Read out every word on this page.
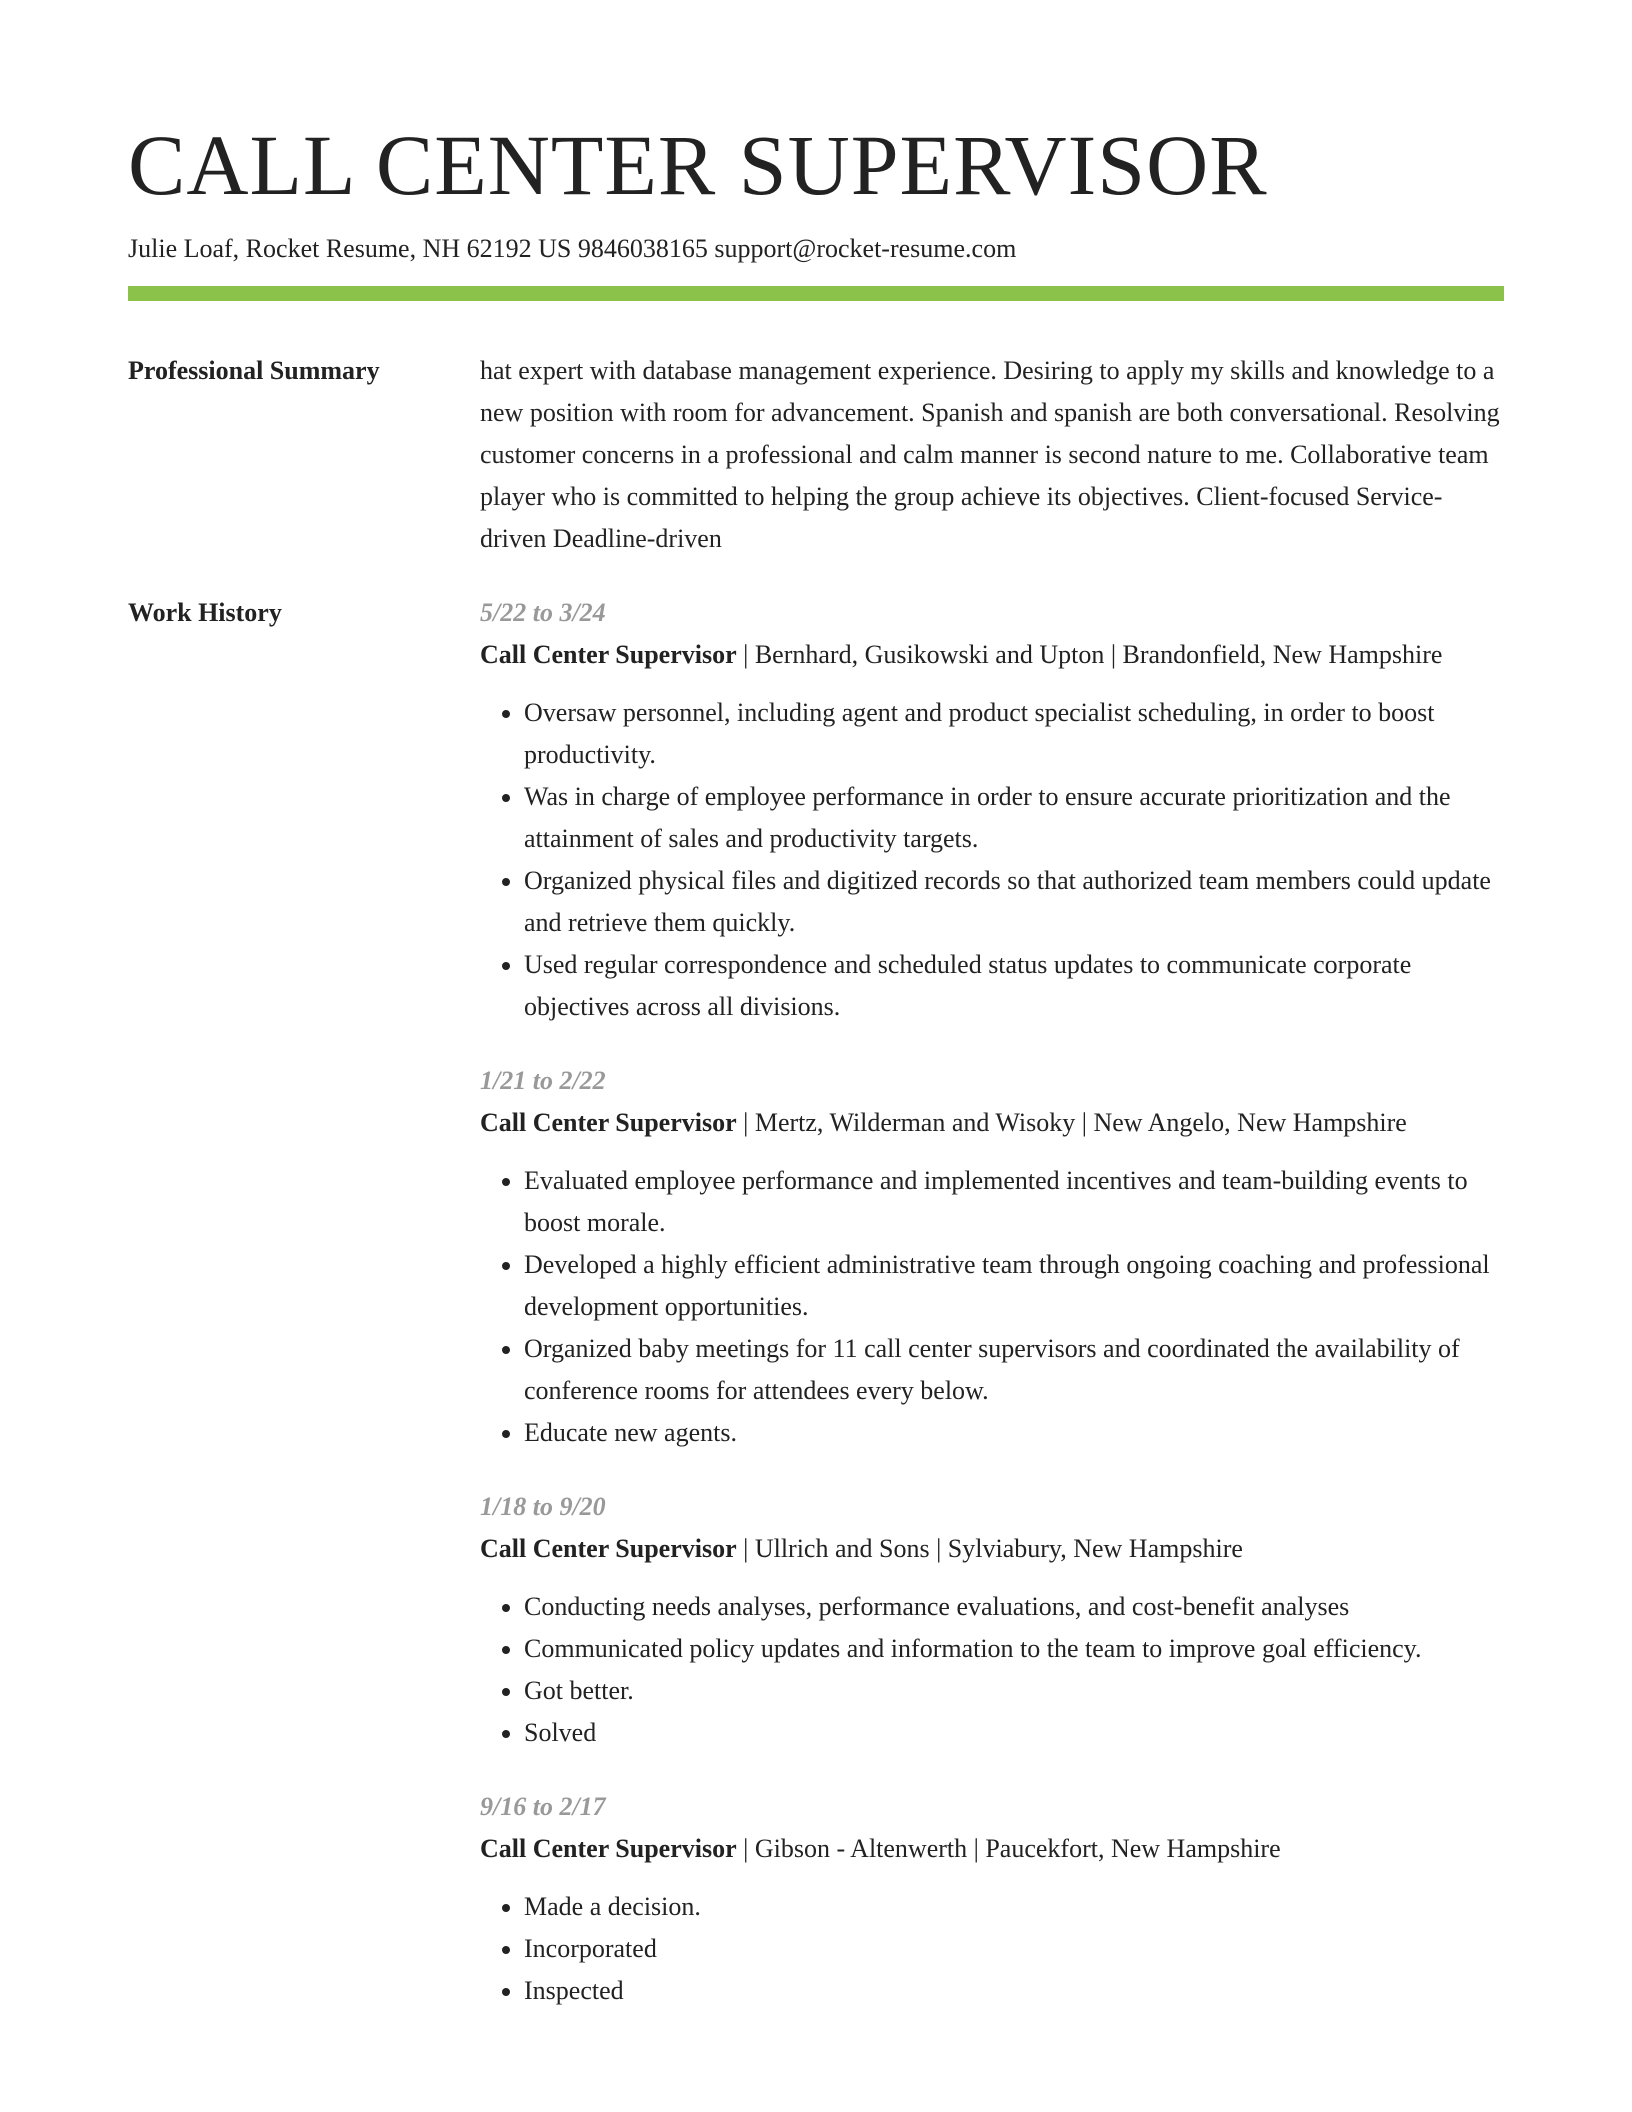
CALL CENTER SUPERVISOR
Julie Loaf, Rocket Resume, NH 62192 US 9846038165 support@rocket-resume.com
Professional Summary	hat expert with database management experience. Desiring to apply my skills and knowledge to a new position with room for advancement. Spanish and spanish are both conversational. Resolving customer concerns in a professional and calm manner is second nature to me. Collaborative team player who is committed to helping the group achieve its objectives. Client-focused Service-driven Deadline-driven
Work History	5/22 to 3/24
Call Center Supervisor | Bernhard, Gusikowski and Upton | Brandonfield, New Hampshire
• Oversaw personnel, including agent and product specialist scheduling, in order to boost productivity.
• Was in charge of employee performance in order to ensure accurate prioritization and the attainment of sales and productivity targets.
• Organized physical files and digitized records so that authorized team members could update and retrieve them quickly.
• Used regular correspondence and scheduled status updates to communicate corporate objectives across all divisions.
1/21 to 2/22
Call Center Supervisor | Mertz, Wilderman and Wisoky | New Angelo, New Hampshire
• Evaluated employee performance and implemented incentives and team-building events to boost morale.
• Developed a highly efficient administrative team through ongoing coaching and professional development opportunities.
• Organized baby meetings for 11 call center supervisors and coordinated the availability of conference rooms for attendees every below.
• Educate new agents.
1/18 to 9/20
Call Center Supervisor | Ullrich and Sons | Sylviabury, New Hampshire
• Conducting needs analyses, performance evaluations, and cost-benefit analyses
• Communicated policy updates and information to the team to improve goal efficiency.
• Got better.
• Solved
9/16 to 2/17
Call Center Supervisor | Gibson - Altenwerth | Paucekfort, New Hampshire
• Made a decision.
• Incorporated
• Inspected
